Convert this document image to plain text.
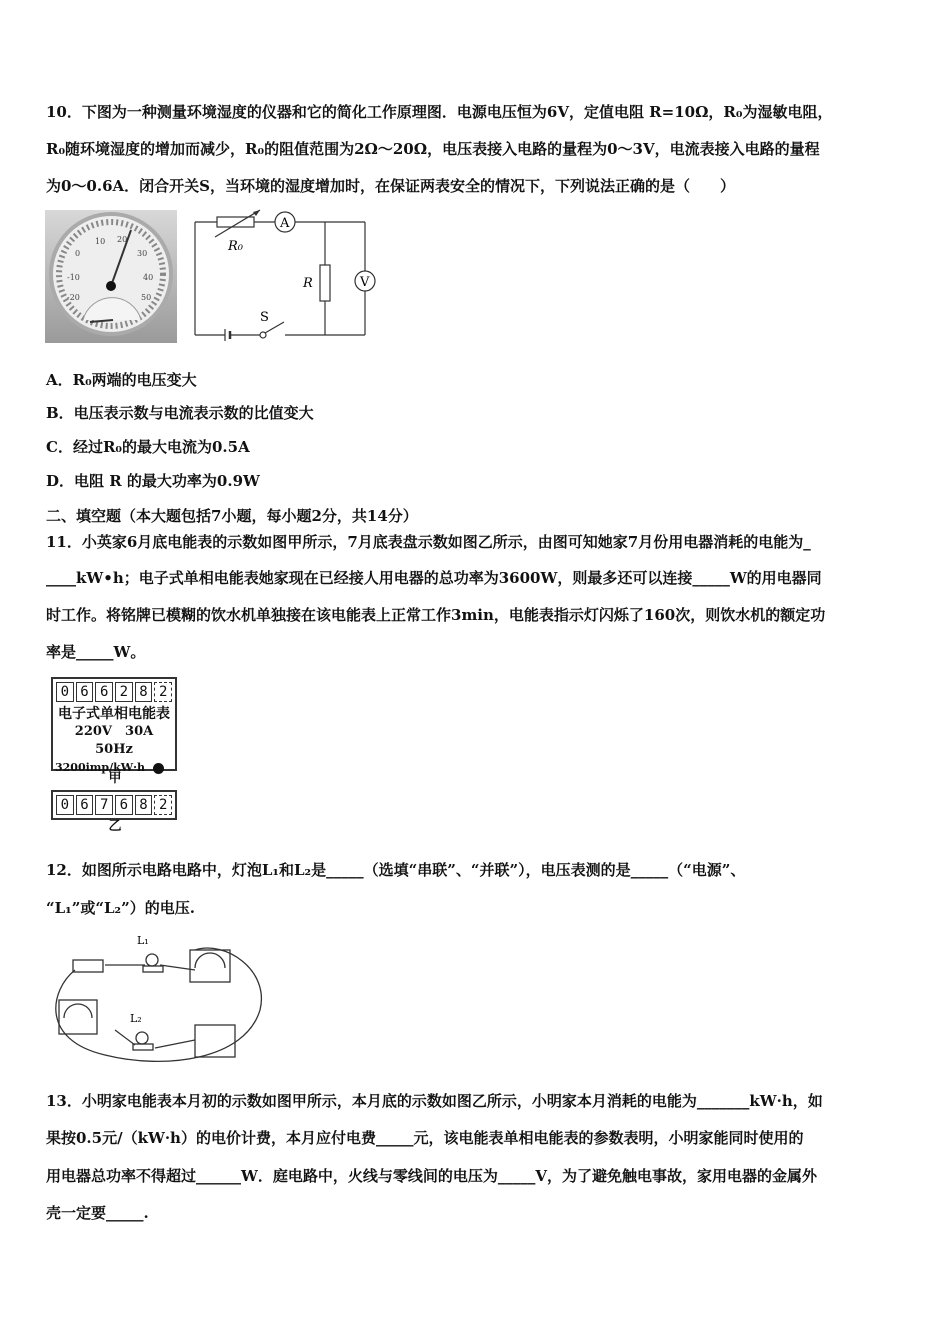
10．下图为一种测量环境湿度的仪器和它的简化工作原理图．电源电压恒为6V，定值电阻 R=10Ω，R₀为湿敏电阻，
R₀随环境湿度的增加而减少，R₀的阻值范围为2Ω～20Ω，电压表接入电路的量程为0～3V，电流表接入电路的量程
为0～0.6A．闭合开关S，当环境的湿度增加时，在保证两表安全的情况下，下列说法正确的是（　　）
0
10 20
30
40
50
-10
-20
R₀
A
R	V
S
A．R₀两端的电压变大
B．电压表示数与电流表示数的比值变大
C．经过R₀的最大电流为0.5A
D．电阻 R 的最大功率为0.9W
二、填空题（本大题包括7小题，每小题2分，共14分）
11．小英家6月底电能表的示数如图甲所示，7月底表盘示数如图乙所示，由图可知她家7月份用电器消耗的电能为_
____kW•h；电子式单相电能表她家现在已经接人用电器的总功率为3600W，则最多还可以连接_____W的用电器同
时工作。将铭牌已模糊的饮水机单独接在该电能表上正常工作3min，电能表指示灯闪烁了160次，则饮水机的额定功
率是_____W。
0 6 6 2 8 2
电子式单相电能表
220V　30A　50Hz
3200imp/kW·h
甲
0 6 7 6 8 2
乙
12．如图所示电路电路中，灯泡L₁和L₂是_____（选填“串联”、“并联”），电压表测的是_____（“电源”、
“L₁”或“L₂”）的电压.
L₁
L₂
13．小明家电能表本月初的示数如图甲所示，本月底的示数如图乙所示，小明家本月消耗的电能为_______kW·h，如
果按0.5元/（kW·h）的电价计费，本月应付电费_____元，该电能表单相电能表的参数表明，小明家能同时使用的
用电器总功率不得超过______W．庭电路中，火线与零线间的电压为_____V，为了避免触电事故，家用电器的金属外
壳一定要_____.
